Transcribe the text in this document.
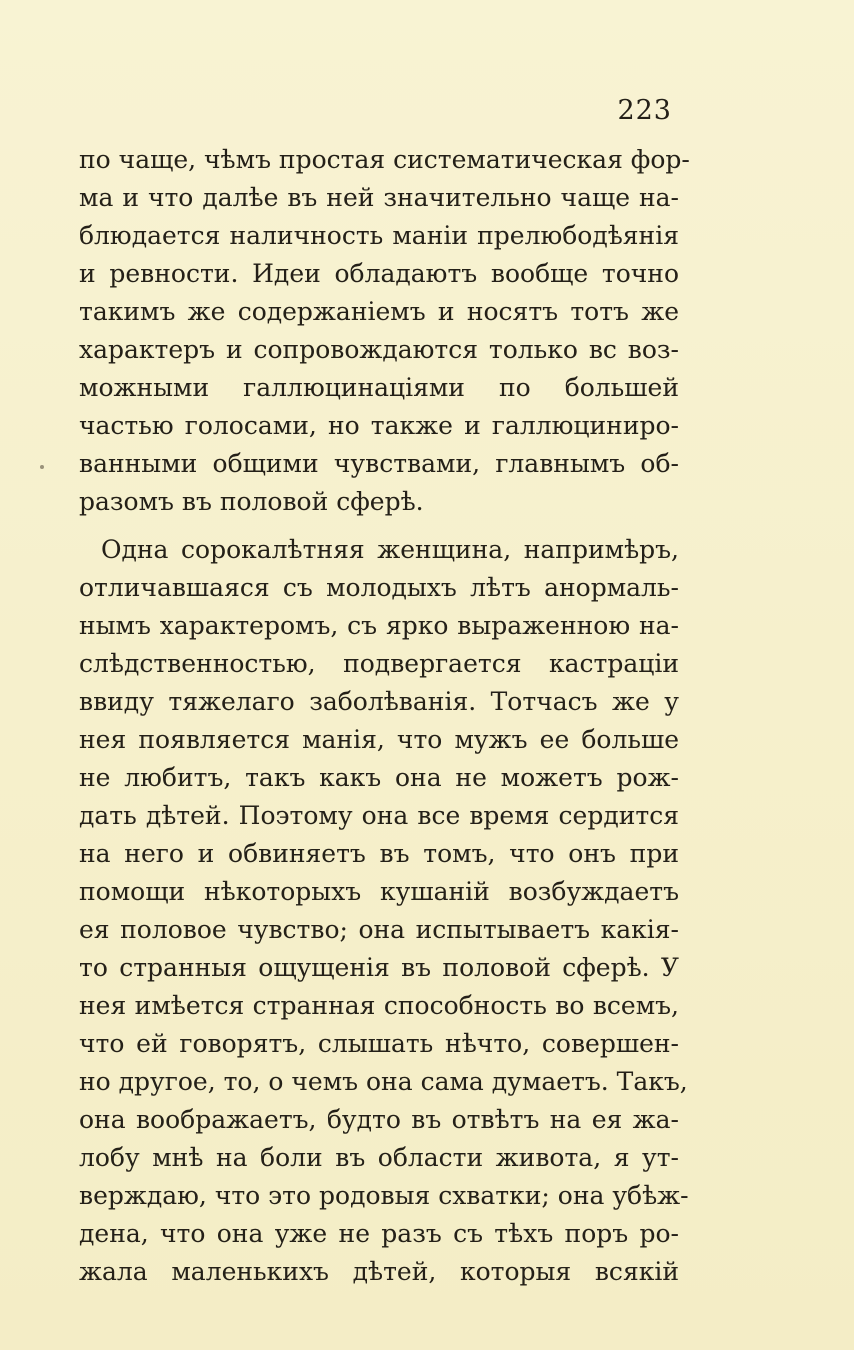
223
по чаще, чѣмъ простая систематическая фор-
ма и что далѣе въ ней значительно чаще на-
блюдается наличность маніи прелюбодѣянія
и ревности. Идеи обладаютъ вообще точно
такимъ же содержаніемъ и носятъ тотъ же
характеръ и сопровождаются только вс воз-
можными галлюцинаціями по большей
частью голосами, но также и галлюциниро-
ванными общими чувствами, главнымъ об-
разомъ въ половой сферѣ.
Одна сорокалѣтняя женщина, напримѣръ,
отличавшаяся съ молодыхъ лѣтъ анормаль-
нымъ характеромъ, съ ярко выраженною на-
слѣдственностью, подвергается кастраціи
ввиду тяжелаго заболѣванія. Тотчасъ же у
нея появляется манія, что мужъ ее больше
не любитъ, такъ какъ она не можетъ рож-
дать дѣтей. Поэтому она все время сердится
на него и обвиняетъ въ томъ, что онъ при
помощи нѣкоторыхъ кушаній возбуждаетъ
ея половое чувство; она испытываетъ какія-
то странныя ощущенія въ половой сферѣ. У
нея имѣется странная способность во всемъ,
что ей говорятъ, слышать нѣчто, совершен-
но другое, то, о чемъ она сама думаетъ. Такъ,
она воображаетъ, будто въ отвѣтъ на ея жа-
лобу мнѣ на боли въ области живота, я ут-
верждаю, что это родовыя схватки; она убѣж-
дена, что она уже не разъ съ тѣхъ поръ ро-
жала маленькихъ дѣтей, которыя всякій
